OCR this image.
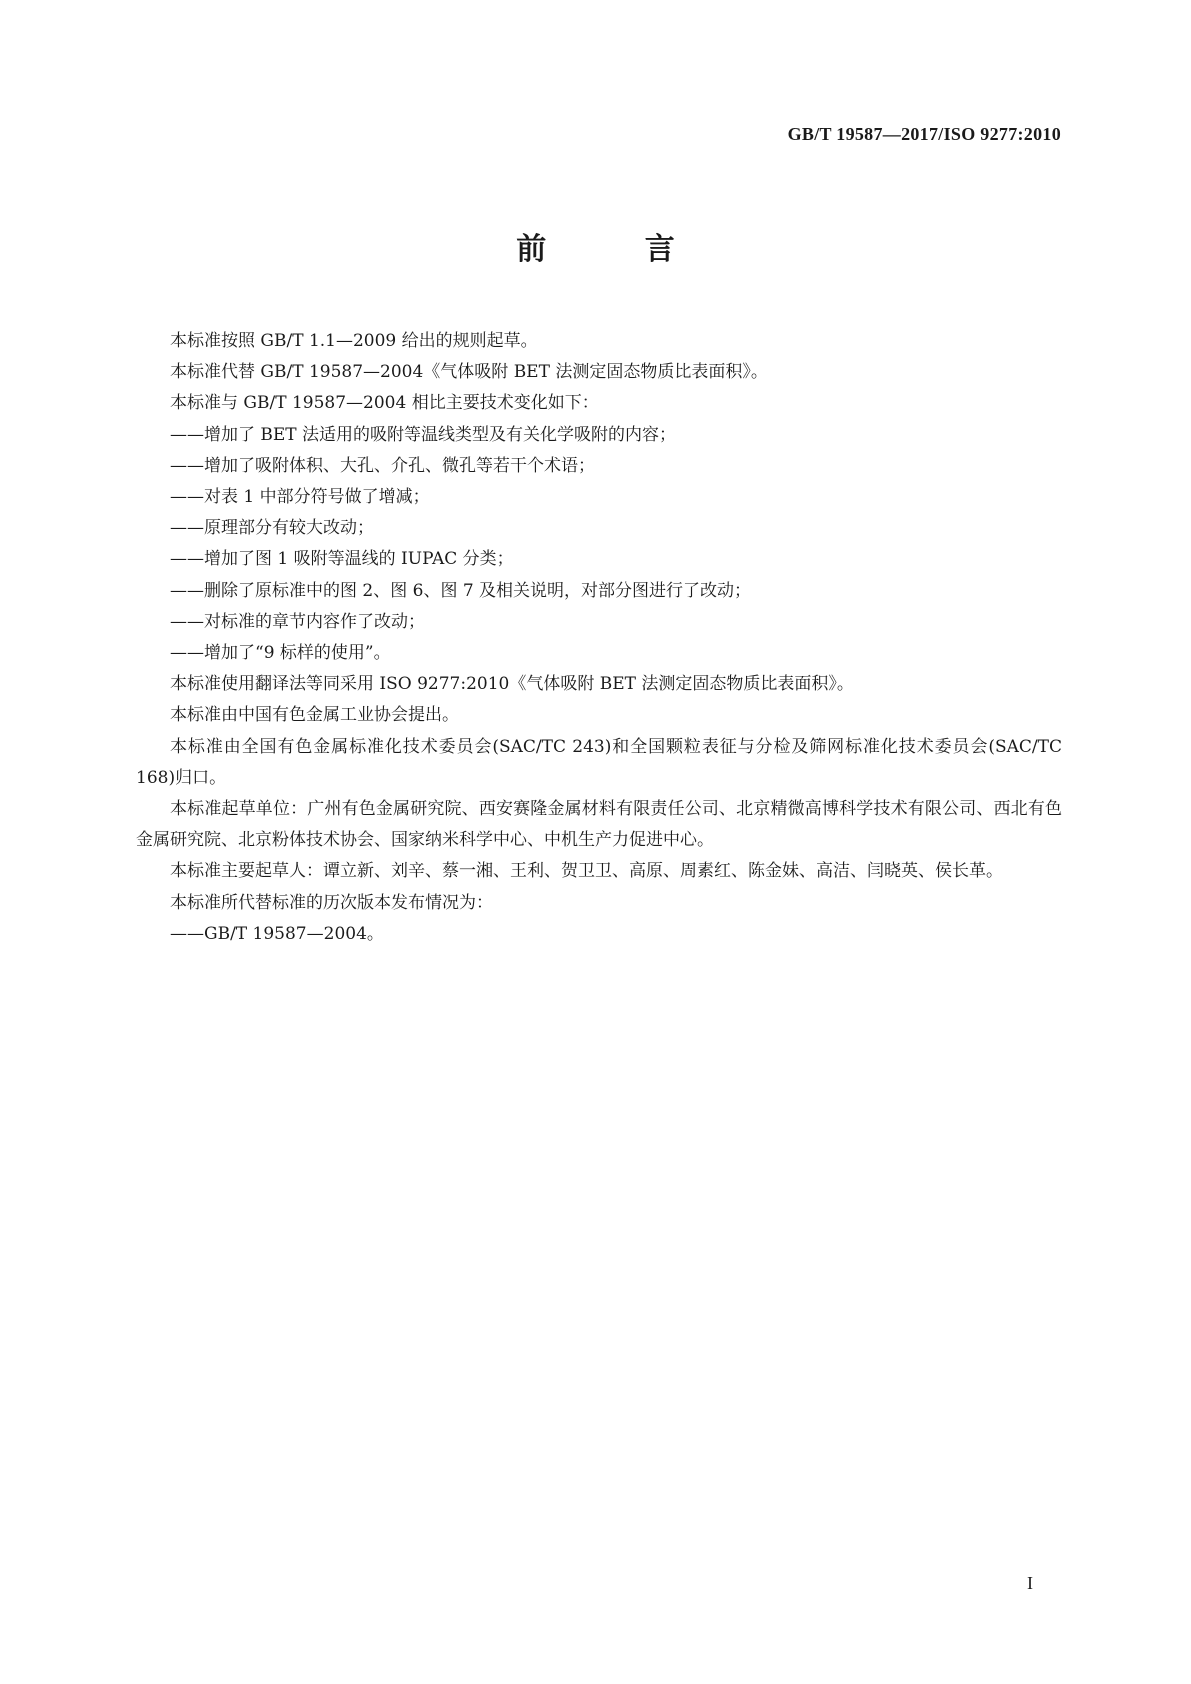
GB/T 19587—2017/ISO 9277:2010
前 言

本标准按照 GB/T 1.1—2009 给出的规则起草。

本标准代替 GB/T 19587—2004《气体吸附 BET 法测定固态物质比表面积》。

本标准与 GB/T 19587—2004 相比主要技术变化如下：

——增加了 BET 法适用的吸附等温线类型及有关化学吸附的内容；

——增加了吸附体积、大孔、介孔、微孔等若干个术语；

——对表 1 中部分符号做了增减；

——原理部分有较大改动；

——增加了图 1 吸附等温线的 IUPAC 分类；

——删除了原标准中的图 2、图 6、图 7 及相关说明，对部分图进行了改动；

——对标准的章节内容作了改动；

——增加了“9 标样的使用”。

本标准使用翻译法等同采用 ISO 9277:2010《气体吸附 BET 法测定固态物质比表面积》。

本标准由中国有色金属工业协会提出。

本标准由全国有色金属标准化技术委员会(SAC/TC 243)和全国颗粒表征与分检及筛网标准化技术委员会(SAC/TC 168)归口。

本标准起草单位：广州有色金属研究院、西安赛隆金属材料有限责任公司、北京精微高博科学技术有限公司、西北有色金属研究院、北京粉体技术协会、国家纳米科学中心、中机生产力促进中心。

本标准主要起草人：谭立新、刘辛、蔡一湘、王利、贺卫卫、高原、周素红、陈金妹、高洁、闫晓英、侯长革。

本标准所代替标准的历次版本发布情况为：

——GB/T 19587—2004。

I
